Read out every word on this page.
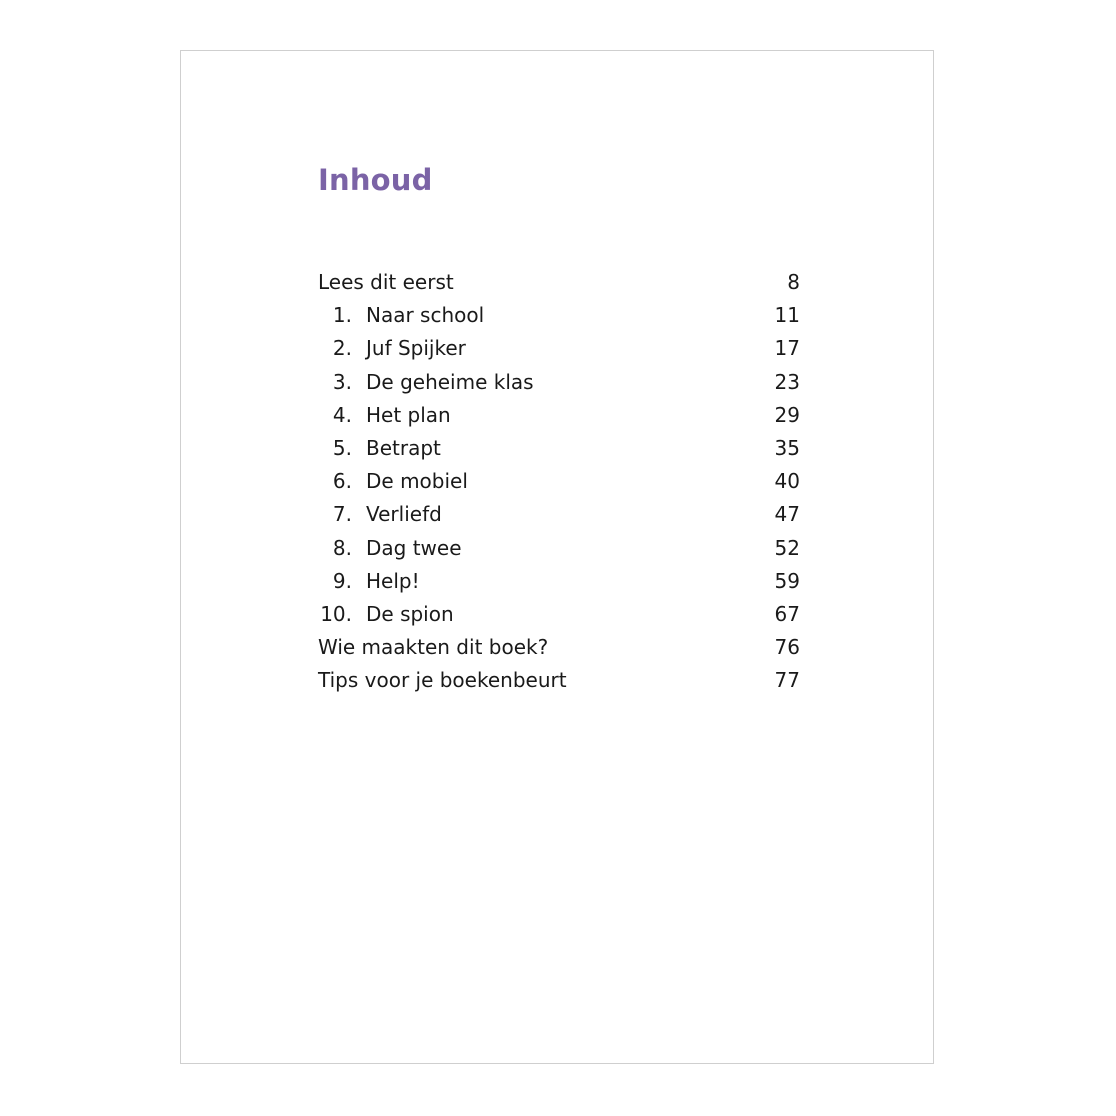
Inhoud
Lees dit eerst	8
1. Naar school	11
2. Juf Spijker	17
3. De geheime klas	23
4. Het plan	29
5. Betrapt	35
6. De mobiel	40
7. Verliefd	47
8. Dag twee	52
9. Help!	59
10. De spion	67
Wie maakten dit boek?	76
Tips voor je boekenbeurt	77
